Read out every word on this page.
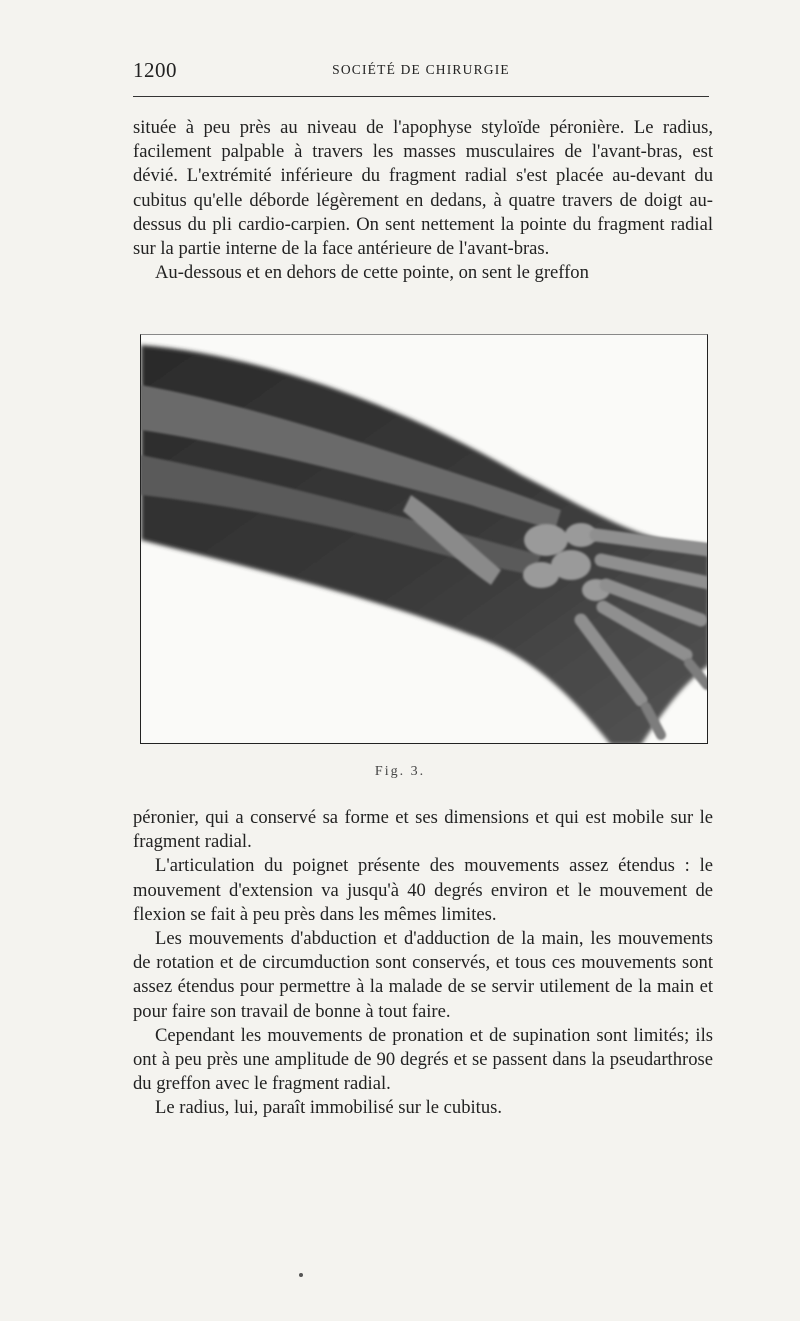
1200	SOCIÉTÉ DE CHIRURGIE

située à peu près au niveau de l'apophyse styloïde péronière. Le radius, facilement palpable à travers les masses musculaires de l'avant-bras, est dévié. L'extrémité inférieure du fragment radial s'est placée au-devant du cubitus qu'elle déborde légèrement en dedans, à quatre travers de doigt au-dessus du pli cardio-carpien. On sent nettement la pointe du fragment radial sur la partie interne de la face antérieure de l'avant-bras.

Au-dessous et en dehors de cette pointe, on sent le greffon

Fig. 3.

péronier, qui a conservé sa forme et ses dimensions et qui est mobile sur le fragment radial.

L'articulation du poignet présente des mouvements assez étendus : le mouvement d'extension va jusqu'à 40 degrés environ et le mouvement de flexion se fait à peu près dans les mêmes limites.

Les mouvements d'abduction et d'adduction de la main, les mouvements de rotation et de circumduction sont conservés, et tous ces mouvements sont assez étendus pour permettre à la malade de se servir utilement de la main et pour faire son travail de bonne à tout faire.

Cependant les mouvements de pronation et de supination sont limités; ils ont à peu près une amplitude de 90 degrés et se passent dans la pseudarthrose du greffon avec le fragment radial.

Le radius, lui, paraît immobilisé sur le cubitus.
